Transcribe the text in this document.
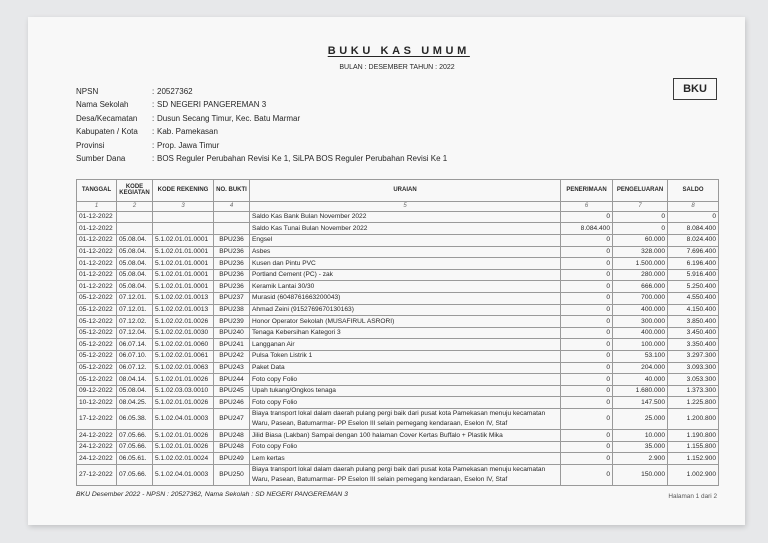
BUKU KAS UMUM
BULAN : DESEMBER TAHUN : 2022
BKU
NPSN	: 20527362
Nama Sekolah	: SD NEGERI PANGEREMAN 3
Desa/Kecamatan : Dusun Secang Timur, Kec. Batu Marmar
Kabupaten / Kota : Kab. Pamekasan
Provinsi	: Prop. Jawa Timur
Sumber Dana	: BOS Reguler Perubahan Revisi Ke 1, SiLPA BOS Reguler Perubahan Revisi Ke 1
TANGGAL	KODE KEGIATAN	KODE REKENING	NO. BUKTI	URAIAN	PENERIMAAN	PENGELUARAN	SALDO
1	2	3	4	5	6	7	8
01-12-2022				Saldo Kas Bank Bulan November 2022	0	0	0
01-12-2022				Saldo Kas Tunai Bulan November 2022	8.084.400	0	8.084.400
01-12-2022	05.08.04.	5.1.02.01.01.0001	BPU236	Engsel	0	60.000	8.024.400
01-12-2022	05.08.04.	5.1.02.01.01.0001	BPU236	Asbes	0	328.000	7.696.400
01-12-2022	05.08.04.	5.1.02.01.01.0001	BPU236	Kusen dan Pintu PVC	0	1.500.000	6.196.400
01-12-2022	05.08.04.	5.1.02.01.01.0001	BPU236	Portland Cement (PC) - zak	0	280.000	5.916.400
01-12-2022	05.08.04.	5.1.02.01.01.0001	BPU236	Keramik Lantai 30/30	0	666.000	5.250.400
05-12-2022	07.12.01.	5.1.02.02.01.0013	BPU237	Murasid (6048761663200043)	0	700.000	4.550.400
05-12-2022	07.12.01.	5.1.02.02.01.0013	BPU238	Ahmad Zeini (9152769670130163)	0	400.000	4.150.400
05-12-2022	07.12.02.	5.1.02.02.01.0026	BPU239	Honor Operator Sekolah (MUSAFIRUL ASRORI)	0	300.000	3.850.400
05-12-2022	07.12.04.	5.1.02.02.01.0030	BPU240	Tenaga Kebersihan Kategori 3	0	400.000	3.450.400
05-12-2022	06.07.14.	5.1.02.02.01.0060	BPU241	Langganan Air	0	100.000	3.350.400
05-12-2022	06.07.10.	5.1.02.02.01.0061	BPU242	Pulsa Token Listrik 1	0	53.100	3.297.300
05-12-2022	06.07.12.	5.1.02.02.01.0063	BPU243	Paket Data	0	204.000	3.093.300
05-12-2022	08.04.14.	5.1.02.01.01.0026	BPU244	Foto copy Folio	0	40.000	3.053.300
09-12-2022	05.08.04.	5.1.02.03.03.0010	BPU245	Upah tukang/Ongkos tenaga	0	1.680.000	1.373.300
10-12-2022	08.04.25.	5.1.02.01.01.0026	BPU246	Foto copy Folio	0	147.500	1.225.800
17-12-2022	06.05.38.	5.1.02.04.01.0003	BPU247	Biaya transport lokal dalam daerah pulang pergi baik dari pusat kota Pamekasan menuju kecamatan Waru, Pasean, Batumarmar- PP Eselon III selain pemegang kendaraan, Eselon IV, Staf	0	25.000	1.200.800
24-12-2022	07.05.66.	5.1.02.01.01.0026	BPU248	Jilid Biasa (Lakban) Sampai dengan 100 halaman Cover Kertas Buffalo + Plastik Mika	0	10.000	1.190.800
24-12-2022	07.05.66.	5.1.02.01.01.0026	BPU248	Foto copy Folio	0	35.000	1.155.800
24-12-2022	06.05.61.	5.1.02.02.01.0024	BPU249	Lem kertas	0	2.900	1.152.900
27-12-2022	07.05.66.	5.1.02.04.01.0003	BPU250	Biaya transport lokal dalam daerah pulang pergi baik dari pusat kota Pamekasan menuju kecamatan Waru, Pasean, Batumarmar- PP Eselon III selain pemegang kendaraan, Eselon IV, Staf	0	150.000	1.002.900
BKU Desember 2022 - NPSN : 20527362, Nama Sekolah : SD NEGERI PANGEREMAN 3	Halaman 1 dari 2
